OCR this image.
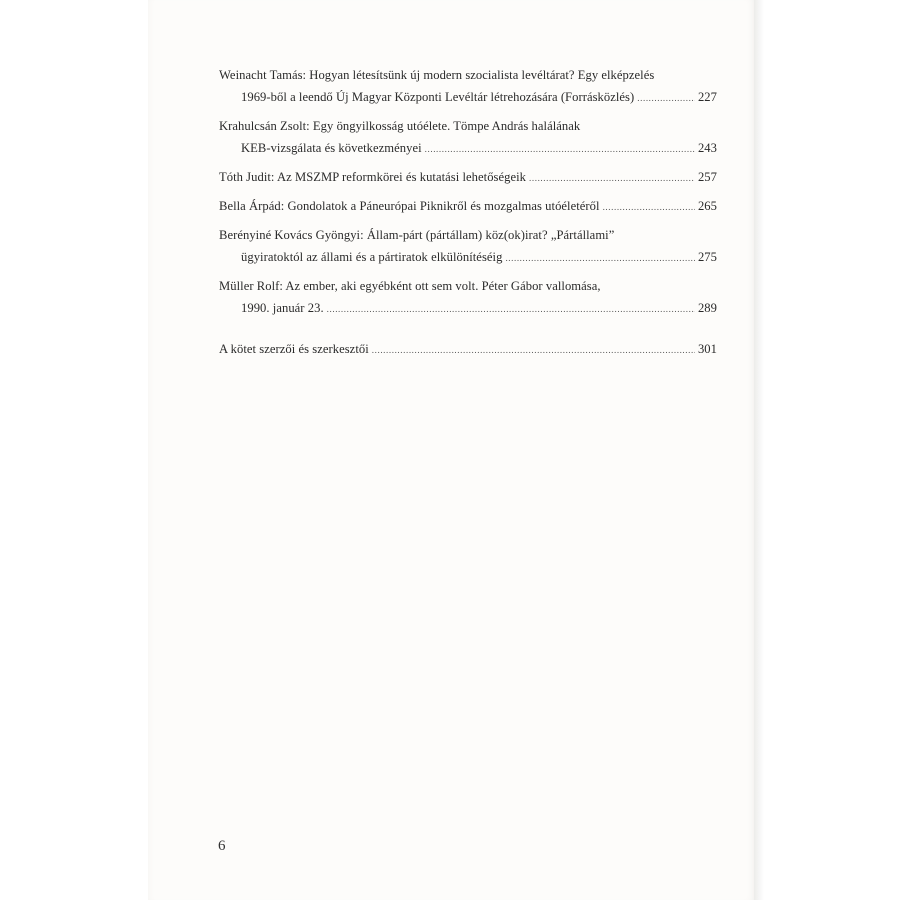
Weinacht Tamás: Hogyan létesítsünk új modern szocialista levéltárat? Egy elképzelés
1969-ből a leendő Új Magyar Központi Levéltár létrehozására (Forrásközlés) .....	227
Krahulcsán Zsolt: Egy öngyilkosság utóélete. Tömpe András halálának
KEB-vizsgálata és következményei .....	243
Tóth Judit: Az MSZMP reformkörei és kutatási lehetőségeik .....	257
Bella Árpád: Gondolatok a Páneurópai Piknikről és mozgalmas utóéletéről .....	265
Berényiné Kovács Gyöngyi: Állam-párt (pártállam) köz(ok)irat? „Pártállami”
ügyiratoktól az állami és a pártiratok elkülönítéséig .....	275
Müller Rolf: Az ember, aki egyébként ott sem volt. Péter Gábor vallomása,
1990. január 23. .....	289
A kötet szerzői és szerkesztői .....	301
6
